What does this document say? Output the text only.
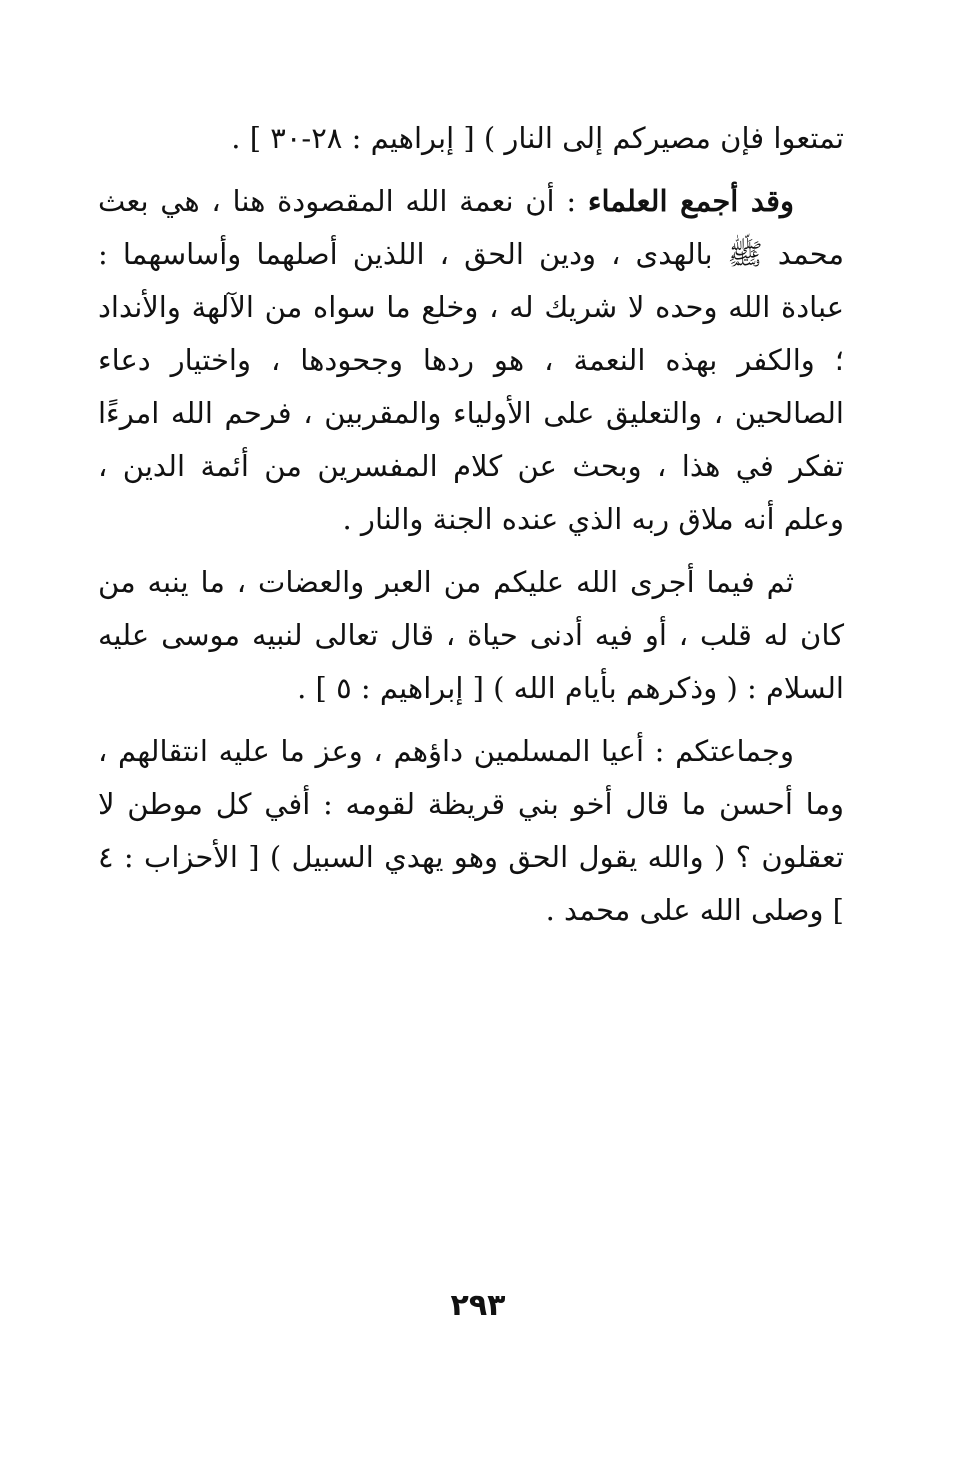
تمتعوا فإن مصيركم إلى النار ) [ إبراهيم : ٢٨-٣٠ ] .

وقد أجمع العلماء : أن نعمة الله المقصودة هنا ، هي بعث محمد ﷺ بالهدى ، ودين الحق ، اللذين أصلهما وأساسهما : عبادة الله وحده لا شريك له ، وخلع ما سواه من الآلهة والأنداد ؛ والكفر بهذه النعمة ، هو ردها وجحودها ، واختيار دعاء الصالحين ، والتعليق على الأولياء والمقربين ، فرحم الله امرءًا تفكر في هذا ، وبحث عن كلام المفسرين من أئمة الدين ، وعلم أنه ملاق ربه الذي عنده الجنة والنار .

ثم فيما أجرى الله عليكم من العبر والعضات ، ما ينبه من كان له قلب ، أو فيه أدنى حياة ، قال تعالى لنبيه موسى عليه السلام : ( وذكرهم بأيام الله ) [ إبراهيم : ٥ ] .

وجماعتكم : أعيا المسلمين داؤهم ، وعز ما عليه انتقالهم ، وما أحسن ما قال أخو بني قريظة لقومه : أفي كل موطن لا تعقلون ؟ ( والله يقول الحق وهو يهدي السبيل ) [ الأحزاب : ٤ ] وصلى الله على محمد .

٢٩٣
